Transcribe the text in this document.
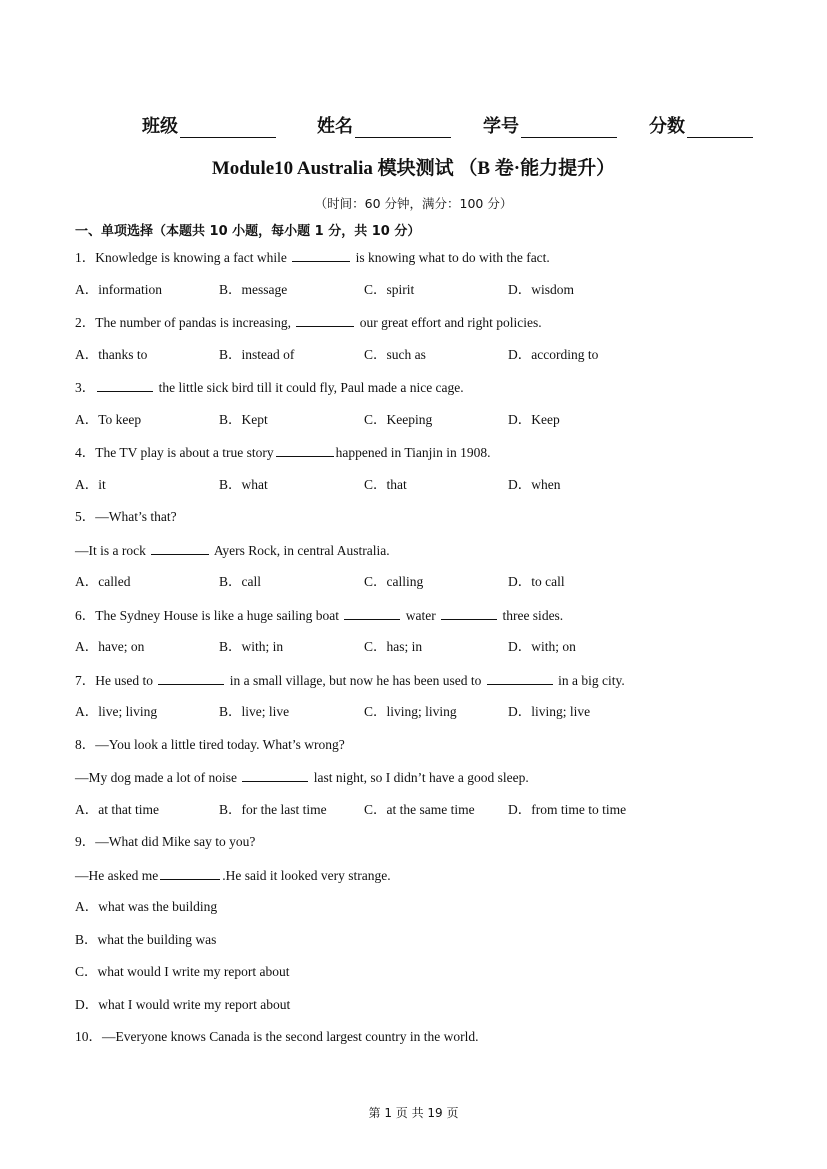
班级	姓名	学号	分数
Module10 Australia 模块测试 （B 卷·能力提升）
（时间：60 分钟，满分：100 分）
一、单项选择（本题共 10 小题，每小题 1 分，共 10 分）
1．Knowledge is knowing a fact while	is knowing what to do with the fact.
A．information	B．message	C．spirit	D．wisdom
2．The number of pandas is increasing,	our great effort and right policies.
A．thanks to	B．instead of	C．such as	D．according to
3．	the little sick bird till it could fly, Paul made a nice cage.
A．To keep	B．Kept	C．Keeping	D．Keep
4．The TV play is about a true story	happened in Tianjin in 1908.
A．it	B．what	C．that	D．when
5．—What’s that?
—It is a rock	Ayers Rock, in central Australia.
A．called	B．call	C．calling	D．to call
6．The Sydney House is like a huge sailing boat	water	three sides.
A．have; on	B．with; in	C．has; in	D．with; on
7．He used to	in a small village, but now he has been used to	in a big city.
A．live; living	B．live; live	C．living; living	D．living; live
8．—You look a little tired today. What’s wrong?
—My dog made a lot of noise	last night, so I didn’t have a good sleep.
A．at that time	B．for the last time	C．at the same time D．from time to time
9．—What did Mike say to you?
—He asked me	.He said it looked very strange.
A．what was the building
B．what the building was
C．what would I write my report about
D．what I would write my report about
10．—Everyone knows Canada is the second largest country in the world.
第 1 页 共 19 页
